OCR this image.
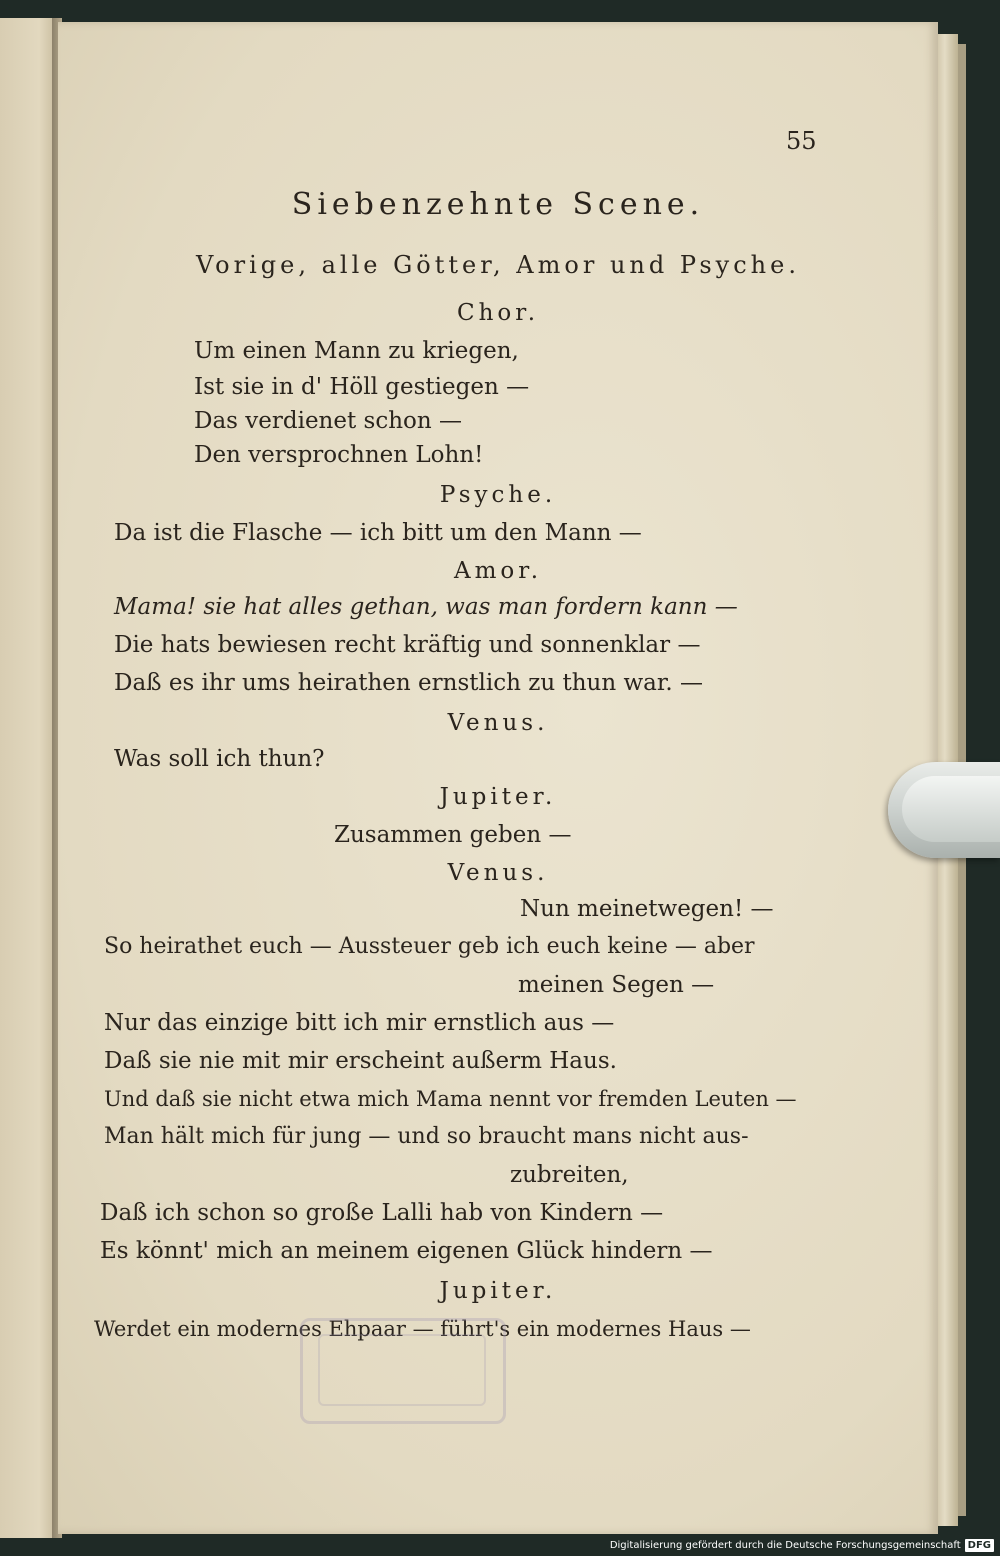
55
Siebenzehnte Scene.
Vorige, alle Götter, Amor und Psyche.
Chor.
Um einen Mann zu kriegen,
Ist sie in d' Höll gestiegen —
Das verdienet schon —
Den versprochnen Lohn!
Psyche.
Da ist die Flasche — ich bitt um den Mann —
Amor.
Mama! sie hat alles gethan, was man fordern kann —
Die hats bewiesen recht kräftig und sonnenklar —
Daß es ihr ums heirathen ernstlich zu thun war. —
Venus.
Was soll ich thun?
Jupiter.
Zusammen geben —
Venus.
Nun meinetwegen! —
So heirathet euch — Aussteuer geb ich euch keine — aber
meinen Segen —
Nur das einzige bitt ich mir ernstlich aus —
Daß sie nie mit mir erscheint außerm Haus.
Und daß sie nicht etwa mich Mama nennt vor fremden Leuten —
Man hält mich für jung — und so braucht mans nicht aus-
zubreiten,
Daß ich schon so große Lalli hab von Kindern —
Es könnt' mich an meinem eigenen Glück hindern —
Jupiter.
Werdet ein modernes Ehpaar — führt's ein modernes Haus —
Digitalisierung gefördert durch die Deutsche Forschungsgemeinschaft DFG
